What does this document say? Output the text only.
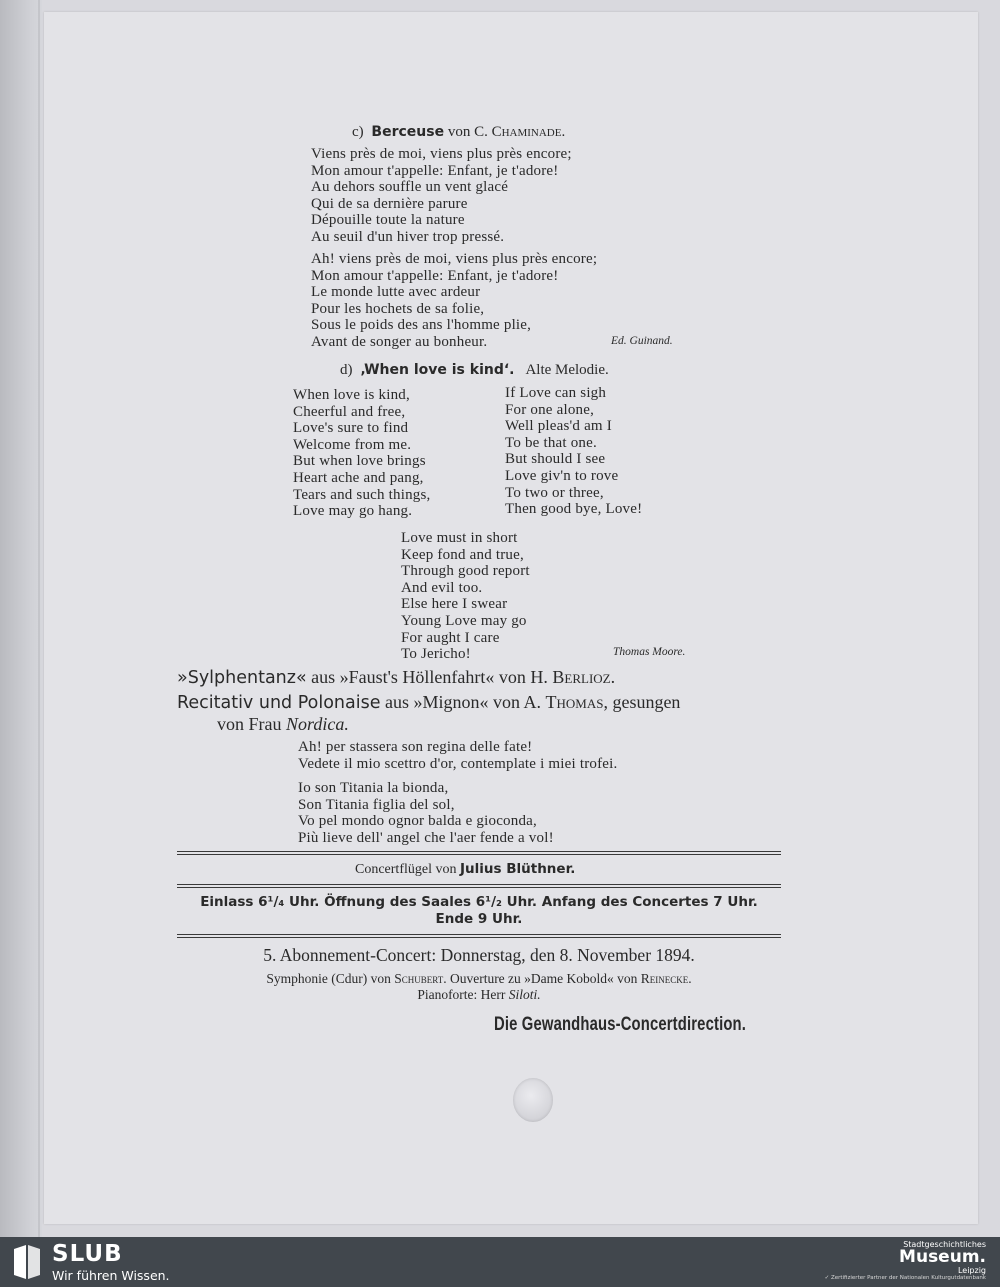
c) Berceuse von C. Chaminade.
Viens près de moi, viens plus près encore;
Mon amour t'appelle: Enfant, je t'adore!
Au dehors souffle un vent glacé
Qui de sa dernière parure
Dépouille toute la nature
Au seuil d'un hiver trop pressé.
Ah! viens près de moi, viens plus près encore;
Mon amour t'appelle: Enfant, je t'adore!
Le monde lutte avec ardeur
Pour les hochets de sa folie,
Sous le poids des ans l'homme plie,
Avant de songer au bonheur.	Ed. Guinand.
d) ‚When love is kind‘. Alte Melodie.
When love is kind,
Cheerful and free,
Love's sure to find
Welcome from me.
But when love brings
Heart ache and pang,
Tears and such things,
Love may go hang.
If Love can sigh
For one alone,
Well pleas'd am I
To be that one.
But should I see
Love giv'n to rove
To two or three,
Then good bye, Love!
Love must in short
Keep fond and true,
Through good report
And evil too.
Else here I swear
Young Love may go
For aught I care
To Jericho!	Thomas Moore.
»Sylphentanz« aus »Faust's Höllenfahrt« von H. Berlioz.
Recitativ und Polonaise aus »Mignon« von A. Thomas, gesungen
von Frau Nordica.
Ah! per stassera son regina delle fate!
Vedete il mio scettro d'or, contemplate i miei trofei.
Io son Titania la bionda,
Son Titania figlia del sol,
Vo pel mondo ognor balda e gioconda,
Più lieve dell' angel che l'aer fende a vol!
Concertflügel von Julius Blüthner.
Einlass 6¹/₄ Uhr. Öffnung des Saales 6¹/₂ Uhr. Anfang des Concertes 7 Uhr.
Ende 9 Uhr.
5. Abonnement-Concert: Donnerstag, den 8. November 1894.
Symphonie (Cdur) von Schubert. Ouverture zu »Dame Kobold« von Reinecke.
Pianoforte: Herr Siloti.
Die Gewandhaus-Concertdirection.
SLUB
Wir führen Wissen.
Stadtgeschichtliches
Museum.
Leipzig
✓ Zertifizierter Partner der Nationalen Kulturgutdatenbank
